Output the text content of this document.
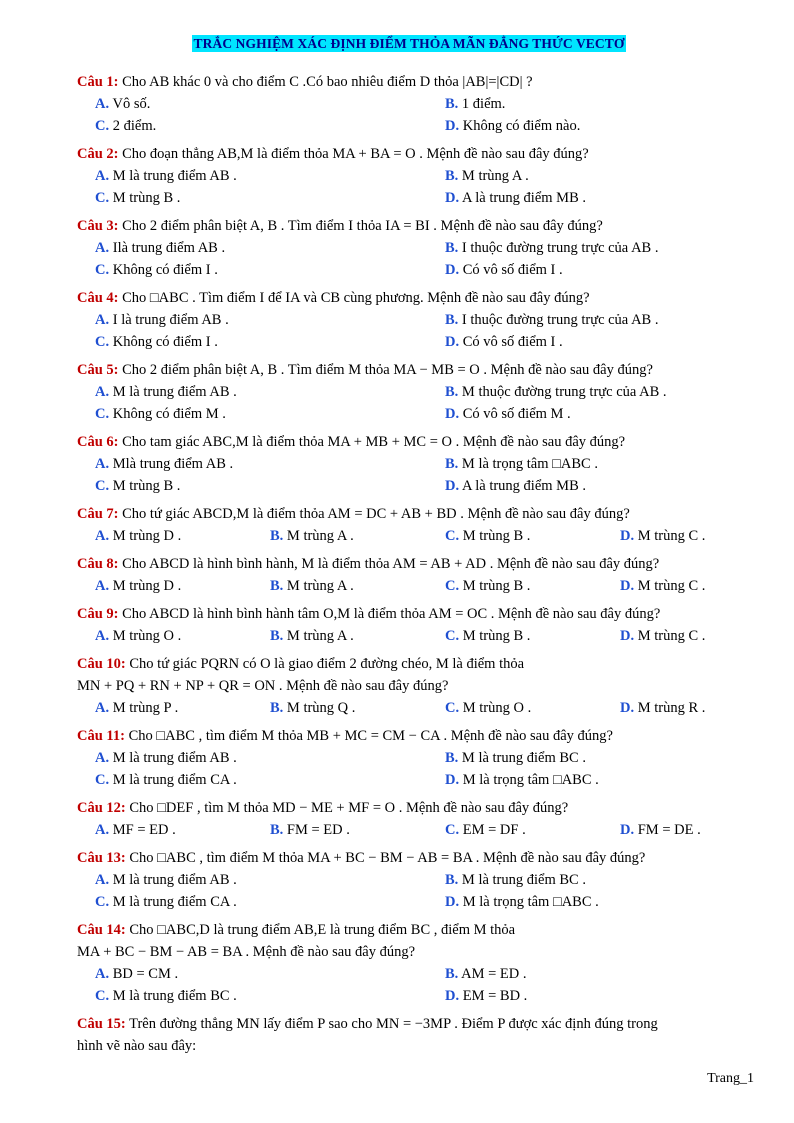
TRẮC NGHIỆM XÁC ĐỊNH ĐIỂM THỎA MÃN ĐẲNG THỨC VECTƠ
Câu 1: Cho AB khác 0 và cho điểm C .Có bao nhiêu điểm D thỏa |AB|=|CD| ?
A. Vô số.	B. 1 điểm.
C. 2 điểm.	D. Không có điểm nào.
Câu 2: Cho đoạn thẳng AB,M là điểm thỏa MA + BA = O . Mệnh đề nào sau đây đúng?
A. M là trung điểm AB .	B. M trùng A .
C. M trùng B .	D. A là trung điểm MB .
Câu 3: Cho 2 điểm phân biệt A, B . Tìm điểm I thỏa IA = BI . Mệnh đề nào sau đây đúng?
A. Ilà trung điểm AB .	B. I thuộc đường trung trực của AB .
C. Không có điểm I .	D. Có vô số điểm I .
Câu 4: Cho □ABC . Tìm điểm I để IA và CB cùng phương. Mệnh đề nào sau đây đúng?
A. I là trung điểm AB .	B. I thuộc đường trung trực của AB .
C. Không có điểm I .	D. Có vô số điểm I .
Câu 5: Cho 2 điểm phân biệt A, B . Tìm điểm M thỏa MA − MB = O . Mệnh đề nào sau đây đúng?
A. M là trung điểm AB .	B. M thuộc đường trung trực của AB .
C. Không có điểm M .	D. Có vô số điểm M .
Câu 6: Cho tam giác ABC,M là điểm thỏa MA + MB + MC = O . Mệnh đề nào sau đây đúng?
A. Mlà trung điểm AB .	B. M là trọng tâm □ABC .
C. M trùng B .	D. A là trung điểm MB .
Câu 7: Cho tứ giác ABCD,M là điểm thỏa AM = DC + AB + BD . Mệnh đề nào sau đây đúng?
A. M trùng D .	B. M trùng A .	C. M trùng B .	D. M trùng C .
Câu 8: Cho ABCD là hình bình hành, M là điểm thỏa AM = AB + AD . Mệnh đề nào sau đây đúng?
A. M trùng D .	B. M trùng A .	C. M trùng B .	D. M trùng C .
Câu 9: Cho ABCD là hình bình hành tâm O,M là điểm thỏa AM = OC . Mệnh đề nào sau đây đúng?
A. M trùng O .	B. M trùng A .	C. M trùng B .	D. M trùng C .
Câu 10: Cho tứ giác PQRN có O là giao điểm 2 đường chéo, M là điểm thỏa
MN + PQ + RN + NP + QR = ON . Mệnh đề nào sau đây đúng?
A. M trùng P .	B. M trùng Q .	C. M trùng O .	D. M trùng R .
Câu 11: Cho □ABC , tìm điểm M thỏa MB + MC = CM − CA . Mệnh đề nào sau đây đúng?
A. M là trung điểm AB .	B. M là trung điểm BC .
C. M là trung điểm CA .	D. M là trọng tâm □ABC .
Câu 12: Cho □DEF , tìm M thỏa MD − ME + MF = O . Mệnh đề nào sau đây đúng?
A. MF = ED .	B. FM = ED .	C. EM = DF .	D. FM = DE .
Câu 13: Cho □ABC , tìm điểm M thỏa MA + BC − BM − AB = BA . Mệnh đề nào sau đây đúng?
A. M là trung điểm AB .	B. M là trung điểm BC .
C. M là trung điểm CA .	D. M là trọng tâm □ABC .
Câu 14: Cho □ABC,D là trung điểm AB,E là trung điểm BC , điểm M thỏa
MA + BC − BM − AB = BA . Mệnh đề nào sau đây đúng?
A. BD = CM .	B. AM = ED .
C. M là trung điểm BC .	D. EM = BD .
Câu 15: Trên đường thẳng MN lấy điểm P sao cho MN = −3MP . Điểm P được xác định đúng trong
hình vẽ nào sau đây:
Trang_1
